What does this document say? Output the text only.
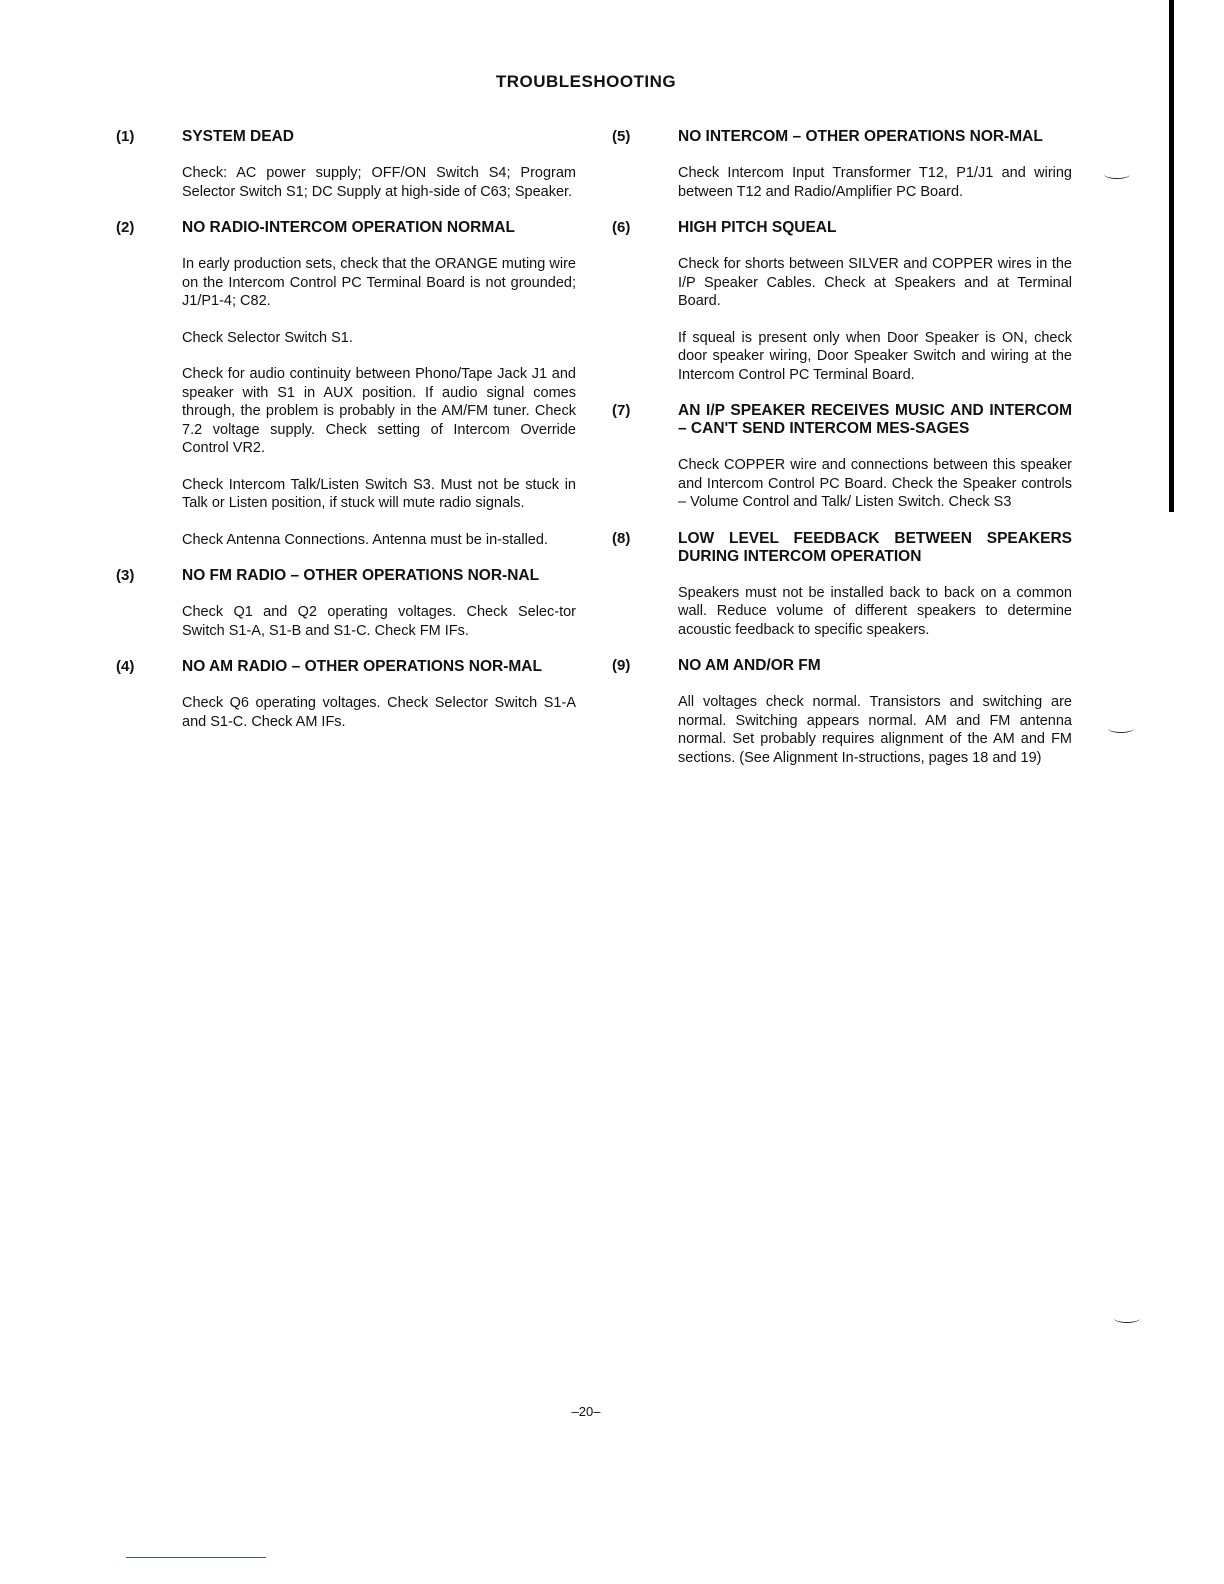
TROUBLESHOOTING
(1)	SYSTEM DEAD

Check: AC power supply; OFF/ON Switch S4; Program Selector Switch S1; DC Supply at high-side of C63; Speaker.

(2)	NO RADIO-INTERCOM OPERATION NORMAL

In early production sets, check that the ORANGE muting wire on the Intercom Control PC Terminal Board is not grounded; J1/P1-4; C82.

Check Selector Switch S1.

Check for audio continuity between Phono/Tape Jack J1 and speaker with S1 in AUX position. If audio signal comes through, the problem is probably in the AM/FM tuner. Check 7.2 voltage supply. Check setting of Intercom Override Control VR2.

Check Intercom Talk/Listen Switch S3. Must not be stuck in Talk or Listen position, if stuck will mute radio signals.

Check Antenna Connections. Antenna must be in-stalled.

(3)	NO FM RADIO – OTHER OPERATIONS NOR-NAL

Check Q1 and Q2 operating voltages. Check Selec-tor Switch S1-A, S1-B and S1-C. Check FM IFs.

(4)	NO AM RADIO – OTHER OPERATIONS NOR-MAL

Check Q6 operating voltages. Check Selector Switch S1-A and S1-C. Check AM IFs.

(5)	NO INTERCOM – OTHER OPERATIONS NOR-MAL

Check Intercom Input Transformer T12, P1/J1 and wiring between T12 and Radio/Amplifier PC Board.

(6)	HIGH PITCH SQUEAL

Check for shorts between SILVER and COPPER wires in the I/P Speaker Cables. Check at Speakers and at Terminal Board.

If squeal is present only when Door Speaker is ON, check door speaker wiring, Door Speaker Switch and wiring at the Intercom Control PC Terminal Board.

(7)	AN I/P SPEAKER RECEIVES MUSIC AND INTERCOM – CAN'T SEND INTERCOM MES-SAGES

Check COPPER wire and connections between this speaker and Intercom Control PC Board. Check the Speaker controls – Volume Control and Talk/ Listen Switch. Check S3

(8)	LOW LEVEL FEEDBACK BETWEEN SPEAKERS DURING INTERCOM OPERATION

Speakers must not be installed back to back on a common wall. Reduce volume of different speakers to determine acoustic feedback to specific speakers.

(9)	NO AM AND/OR FM

All voltages check normal. Transistors and switching are normal. Switching appears normal. AM and FM antenna normal. Set probably requires alignment of the AM and FM sections. (See Alignment In-structions, pages 18 and 19)

–20–
